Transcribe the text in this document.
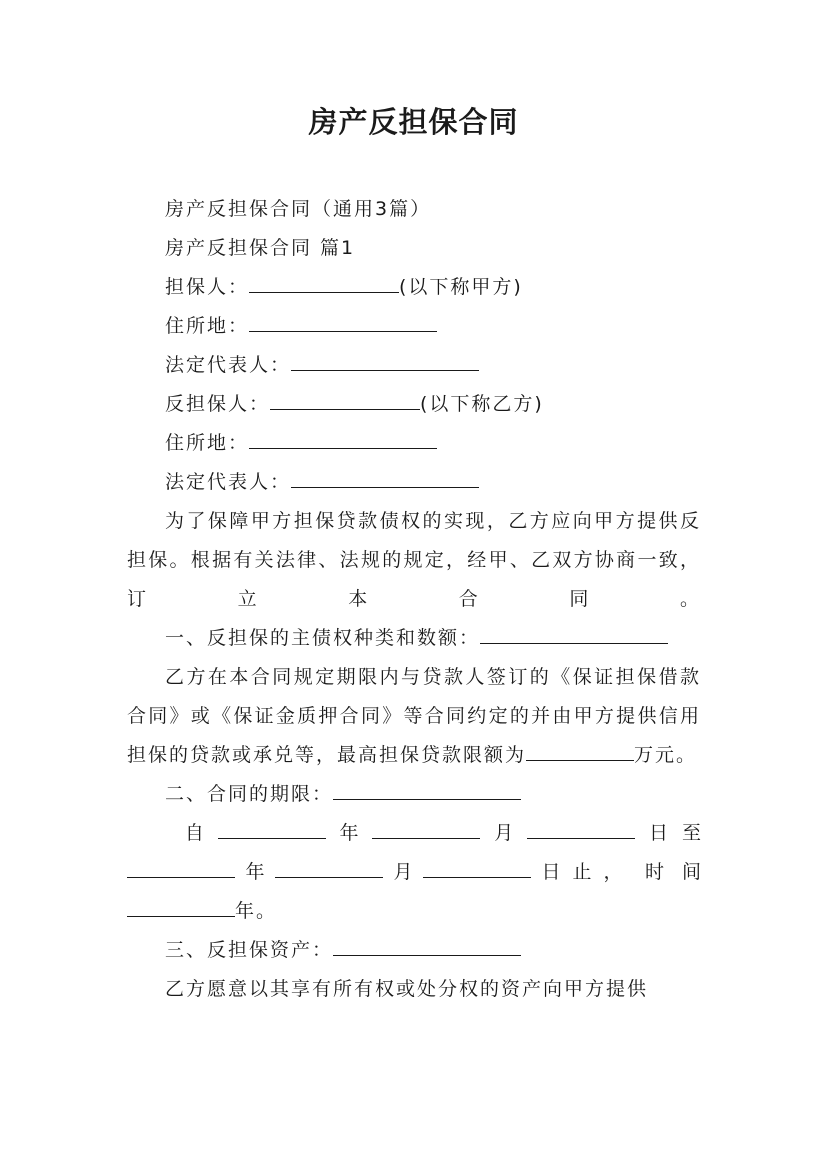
房产反担保合同

房产反担保合同（通用3篇）

房产反担保合同 篇1

担保人：	(以下称甲方)

住所地：

法定代表人：

反担保人：	(以下称乙方)

住所地：

法定代表人：

为了保障甲方担保贷款债权的实现，乙方应向甲方提供反担保。根据有关法律、法规的规定，经甲、乙双方协商一致，订立本合同。

一、反担保的主债权种类和数额：

乙方在本合同规定期限内与贷款人签订的《保证担保借款合同》或《保证金质押合同》等合同约定的并由甲方提供信用担保的贷款或承兑等，最高担保贷款限额为	万元。

二、合同的期限：

自	年	月	日至
年	月	日止， 时间
年。

三、反担保资产：

乙方愿意以其享有所有权或处分权的资产向甲方提供
